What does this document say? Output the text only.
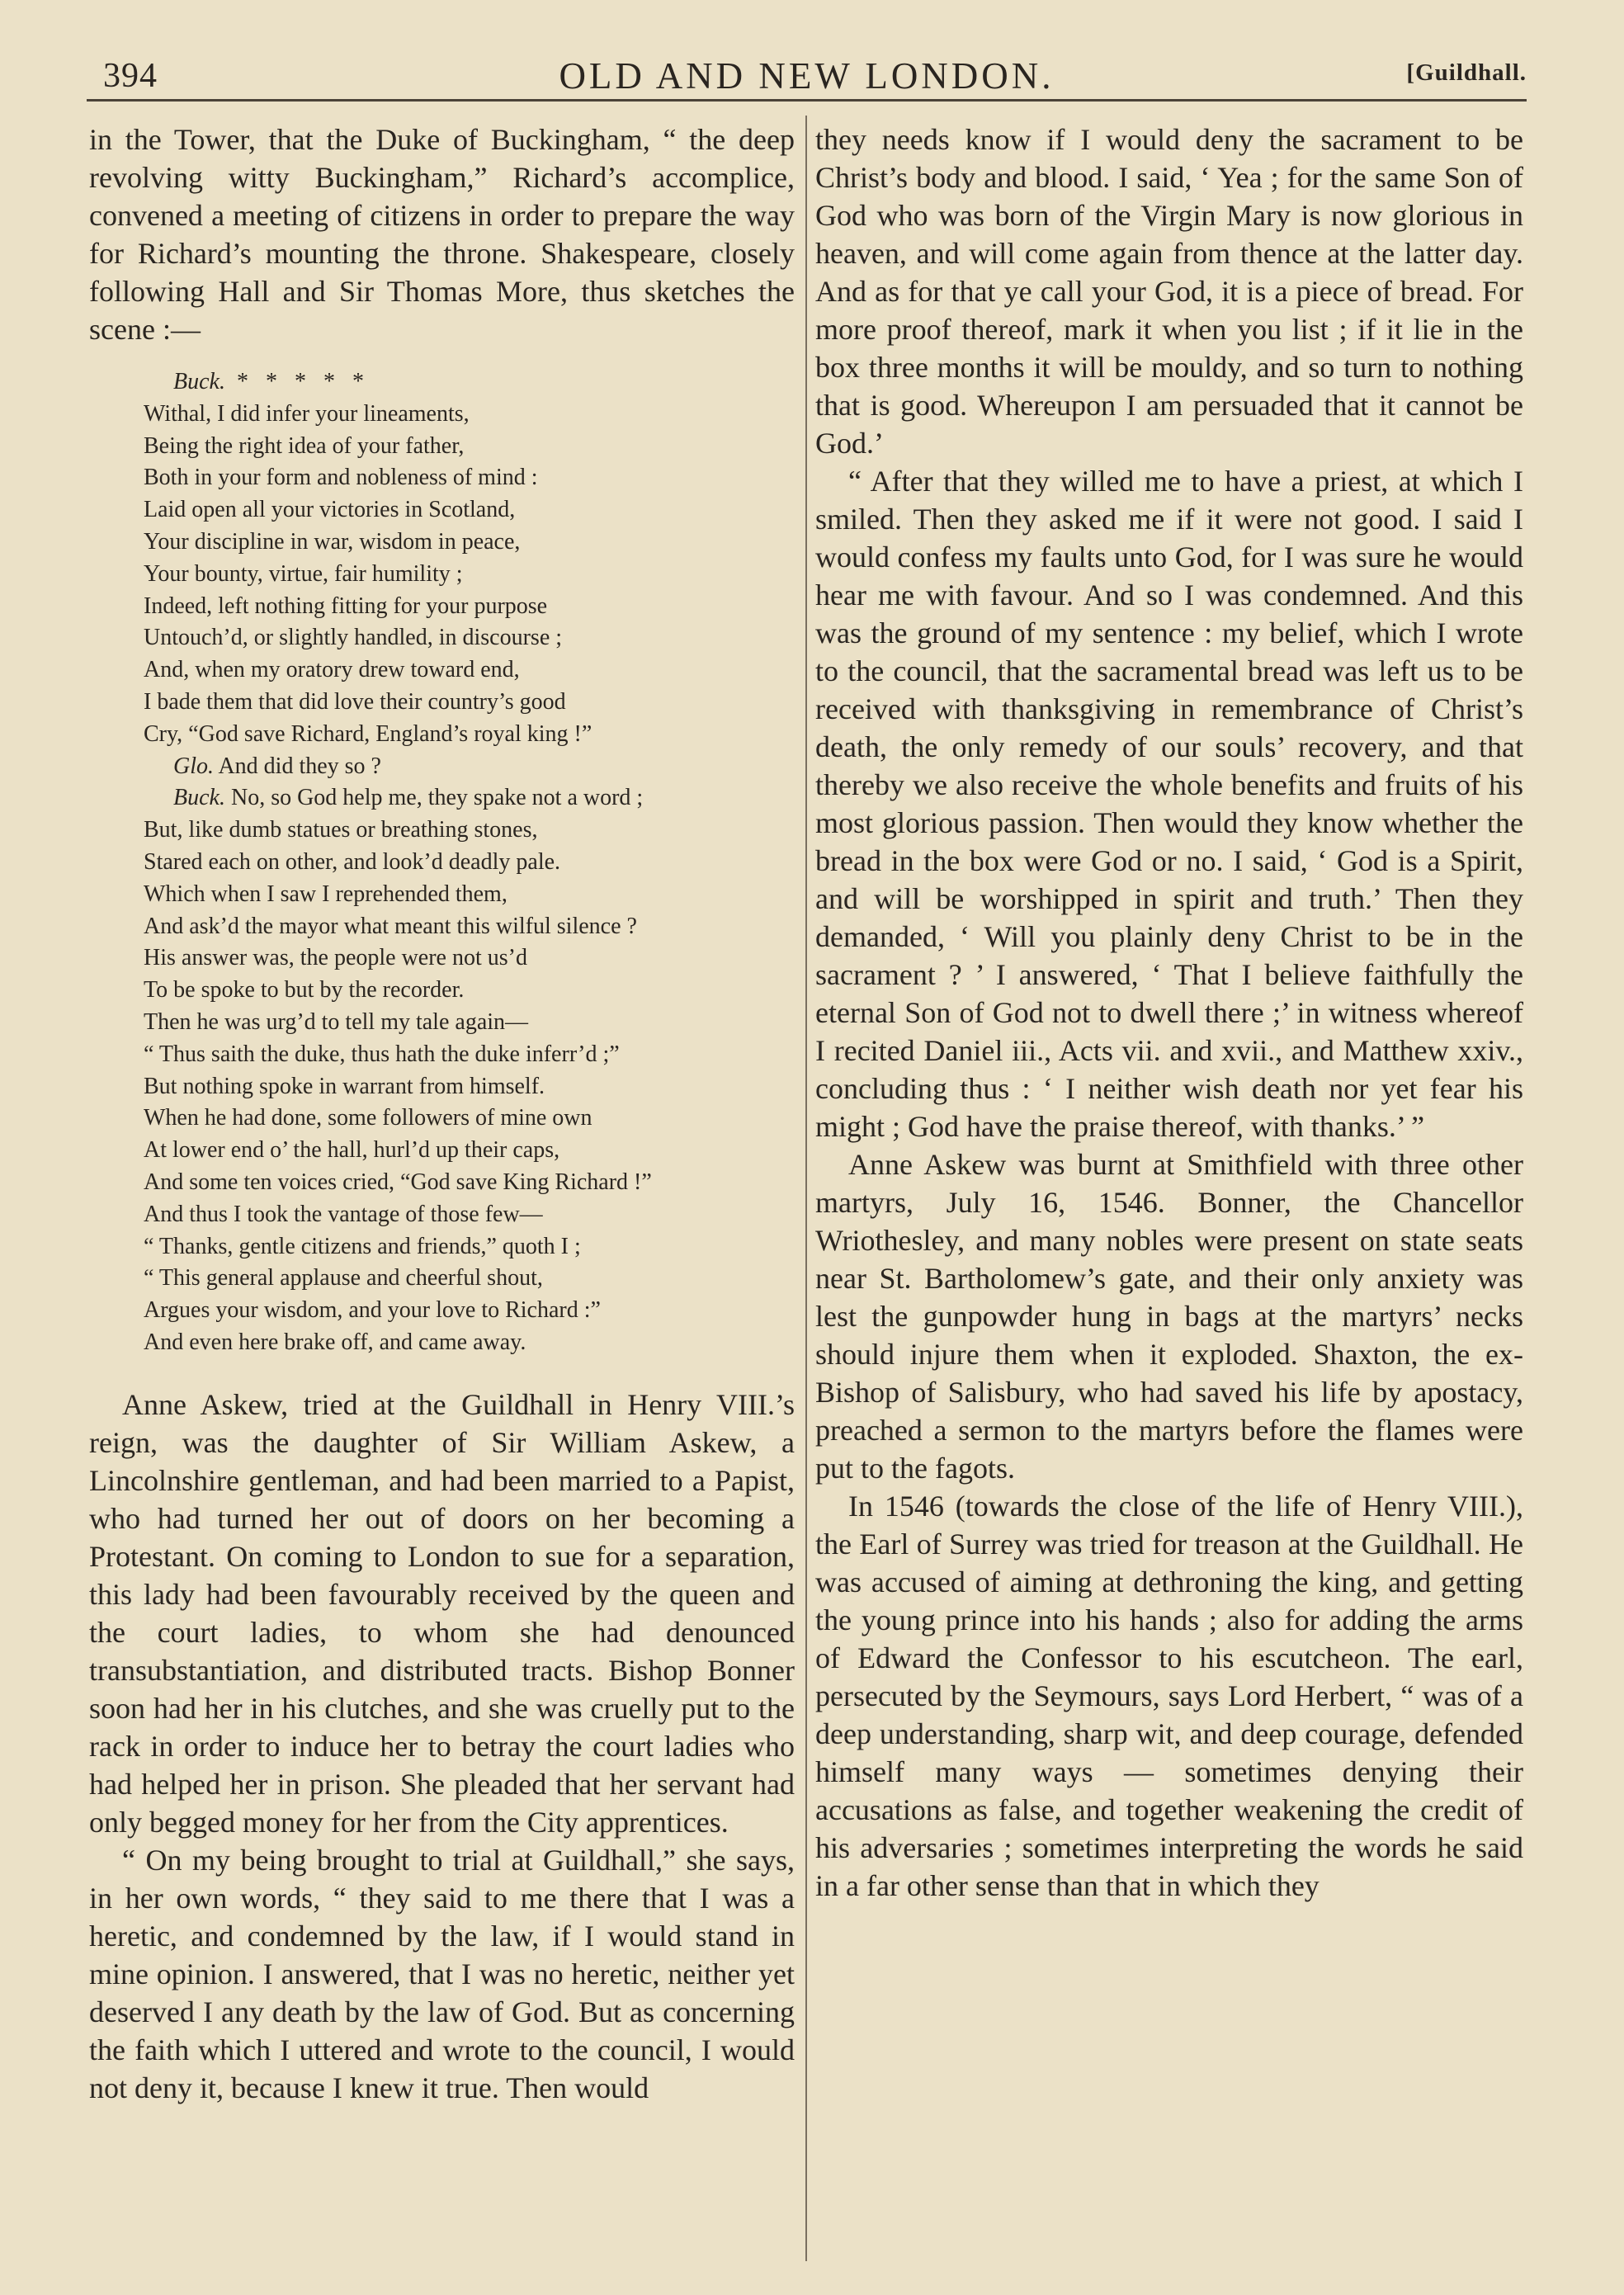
394	OLD AND NEW LONDON.	[Guildhall.

in the Tower, that the Duke of Buckingham, “ the deep revolving witty Buckingham,” Richard’s accomplice, convened a meeting of citizens in order to prepare the way for Richard’s mounting the throne. Shakespeare, closely following Hall and Sir Thomas More, thus sketches the scene :—

Buck.  *   *   *   *   *
Withal, I did infer your lineaments,
Being the right idea of your father,
Both in your form and nobleness of mind :
Laid open all your victories in Scotland,
Your discipline in war, wisdom in peace,
Your bounty, virtue, fair humility ;
Indeed, left nothing fitting for your purpose
Untouch’d, or slightly handled, in discourse ;
And, when my oratory drew toward end,
I bade them that did love their country’s good
Cry, “God save Richard, England’s royal king !”
Glo. And did they so ?
Buck. No, so God help me, they spake not a word ;
But, like dumb statues or breathing stones,
Stared each on other, and look’d deadly pale.
Which when I saw I reprehended them,
And ask’d the mayor what meant this wilful silence ?
His answer was, the people were not us’d
To be spoke to but by the recorder.
Then he was urg’d to tell my tale again—
“ Thus saith the duke, thus hath the duke inferr’d ;”
But nothing spoke in warrant from himself.
When he had done, some followers of mine own
At lower end o’ the hall, hurl’d up their caps,
And some ten voices cried, “God save King Richard !”
And thus I took the vantage of those few—
“ Thanks, gentle citizens and friends,” quoth I ;
“ This general applause and cheerful shout,
Argues your wisdom, and your love to Richard :”
And even here brake off, and came away.

Anne Askew, tried at the Guildhall in Henry VIII.’s reign, was the daughter of Sir William Askew, a Lincolnshire gentleman, and had been married to a Papist, who had turned her out of doors on her becoming a Protestant. On coming to London to sue for a separation, this lady had been favourably received by the queen and the court ladies, to whom she had denounced transubstantiation, and distributed tracts. Bishop Bonner soon had her in his clutches, and she was cruelly put to the rack in order to induce her to betray the court ladies who had helped her in prison. She pleaded that her servant had only begged money for her from the City apprentices.

“ On my being brought to trial at Guildhall,” she says, in her own words, “ they said to me there that I was a heretic, and condemned by the law, if I would stand in mine opinion. I answered, that I was no heretic, neither yet deserved I any death by the law of God. But as concerning the faith which I uttered and wrote to the council, I would not deny it, because I knew it true. Then would

they needs know if I would deny the sacrament to be Christ’s body and blood. I said, ‘ Yea ; for the same Son of God who was born of the Virgin Mary is now glorious in heaven, and will come again from thence at the latter day. And as for that ye call your God, it is a piece of bread. For more proof thereof, mark it when you list ; if it lie in the box three months it will be mouldy, and so turn to nothing that is good. Whereupon I am persuaded that it cannot be God.’

“ After that they willed me to have a priest, at which I smiled. Then they asked me if it were not good. I said I would confess my faults unto God, for I was sure he would hear me with favour. And so I was condemned. And this was the ground of my sentence : my belief, which I wrote to the council, that the sacramental bread was left us to be received with thanksgiving in remembrance of Christ’s death, the only remedy of our souls’ recovery, and that thereby we also receive the whole benefits and fruits of his most glorious passion. Then would they know whether the bread in the box were God or no. I said, ‘ God is a Spirit, and will be worshipped in spirit and truth.’ Then they demanded, ‘ Will you plainly deny Christ to be in the sacrament ? ’ I answered, ‘ That I believe faithfully the eternal Son of God not to dwell there ;’ in witness whereof I recited Daniel iii., Acts vii. and xvii., and Matthew xxiv., concluding thus : ‘ I neither wish death nor yet fear his might ; God have the praise thereof, with thanks.’ ”

Anne Askew was burnt at Smithfield with three other martyrs, July 16, 1546. Bonner, the Chancellor Wriothesley, and many nobles were present on state seats near St. Bartholomew’s gate, and their only anxiety was lest the gunpowder hung in bags at the martyrs’ necks should injure them when it exploded. Shaxton, the ex-Bishop of Salisbury, who had saved his life by apostacy, preached a sermon to the martyrs before the flames were put to the fagots.

In 1546 (towards the close of the life of Henry VIII.), the Earl of Surrey was tried for treason at the Guildhall. He was accused of aiming at dethroning the king, and getting the young prince into his hands ; also for adding the arms of Edward the Confessor to his escutcheon. The earl, persecuted by the Seymours, says Lord Herbert, “ was of a deep understanding, sharp wit, and deep courage, defended himself many ways — sometimes denying their accusations as false, and together weakening the credit of his adversaries ; sometimes interpreting the words he said in a far other sense than that in which they
